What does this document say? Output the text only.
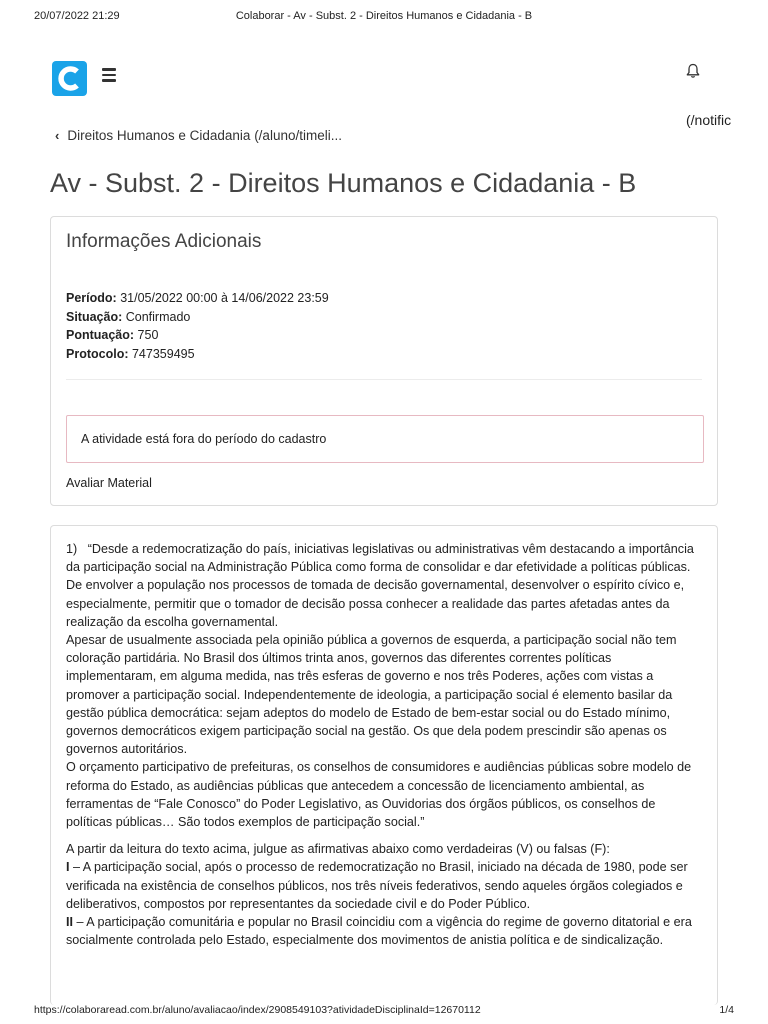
20/07/2022 21:29	Colaborar - Av - Subst. 2 - Direitos Humanos e Cidadania - B
(/notific
‹ Direitos Humanos e Cidadania (/aluno/timeli...
Av - Subst. 2 - Direitos Humanos e Cidadania - B
Informações Adicionais
Período: 31/05/2022 00:00 à 14/06/2022 23:59
Situação: Confirmado
Pontuação: 750
Protocolo: 747359495
A atividade está fora do período do cadastro
Avaliar Material

1) “Desde a redemocratização do país, iniciativas legislativas ou administrativas vêm destacando a importância da participação social na Administração Pública como forma de consolidar e dar efetividade a políticas públicas. De envolver a população nos processos de tomada de decisão governamental, desenvolver o espírito cívico e, especialmente, permitir que o tomador de decisão possa conhecer a realidade das partes afetadas antes da realização da escolha governamental.

Apesar de usualmente associada pela opinião pública a governos de esquerda, a participação social não tem coloração partidária. No Brasil dos últimos trinta anos, governos das diferentes correntes políticas implementaram, em alguma medida, nas três esferas de governo e nos três Poderes, ações com vistas a promover a participação social. Independentemente de ideologia, a participação social é elemento basilar da gestão pública democrática: sejam adeptos do modelo de Estado de bem-estar social ou do Estado mínimo, governos democráticos exigem participação social na gestão. Os que dela podem prescindir são apenas os governos autoritários.

O orçamento participativo de prefeituras, os conselhos de consumidores e audiências públicas sobre modelo de reforma do Estado, as audiências públicas que antecedem a concessão de licenciamento ambiental, as ferramentas de “Fale Conosco” do Poder Legislativo, as Ouvidorias dos órgãos públicos, os conselhos de políticas públicas… São todos exemplos de participação social.”

A partir da leitura do texto acima, julgue as afirmativas abaixo como verdadeiras (V) ou falsas (F):

I – A participação social, após o processo de redemocratização no Brasil, iniciado na década de 1980, pode ser verificada na existência de conselhos públicos, nos três níveis federativos, sendo aqueles órgãos colegiados e deliberativos, compostos por representantes da sociedade civil e do Poder Público.

II – A participação comunitária e popular no Brasil coincidiu com a vigência do regime de governo ditatorial e era socialmente controlada pelo Estado, especialmente dos movimentos de anistia política e de sindicalização.

https://colaboraread.com.br/aluno/avaliacao/index/2908549103?atividadeDisciplinaId=12670112	1/4
